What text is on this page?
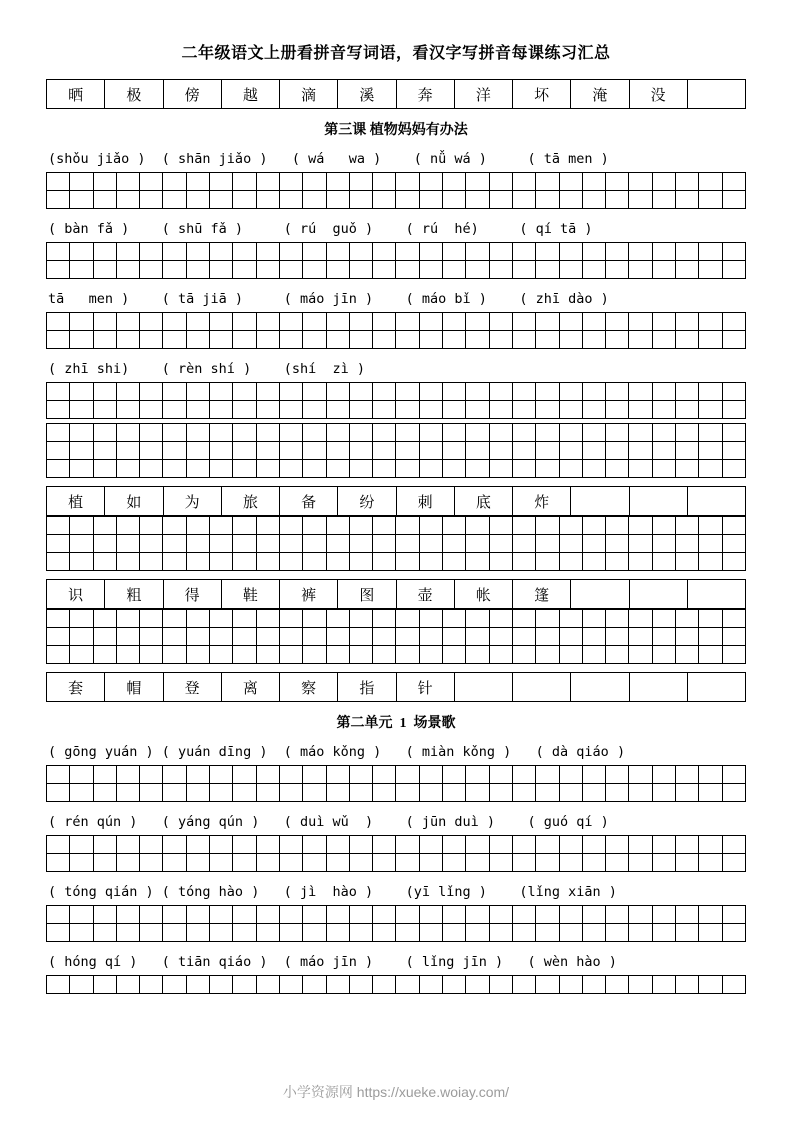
二年级语文上册看拼音写词语，看汉字写拼音每课练习汇总
晒	极	傍	越	滴	溪	奔	洋	坏	淹	没
第三课 植物妈妈有办法
(shǒu jiǎo )  ( shān jiǎo )   ( wá   wa )    ( nǚ wá )     ( tā men )
( bàn fǎ )    ( shū fǎ )     ( rú  guǒ )    ( rú  hé)     ( qí tā )
tā   men )    ( tā jiā )     ( máo jīn )    ( máo bǐ )    ( zhī dào )
( zhī shi)    ( rèn shí )    (shí  zì )
植	如	为	旅	备	纷	刺	底	炸
识	粗	得	鞋	裤	图	壶	帐	篷
套	帽	登	离	察	指	针
第二单元  1  场景歌
( gōng yuán ) ( yuán dīng )  ( máo kǒng )   ( miàn kǒng )   ( dà qiáo )
( rén qún )   ( yáng qún )   ( duì wǔ  )    ( jūn duì )    ( guó qí )
( tóng qián ) ( tóng hào )   ( jì  hào )    (yī lǐng )    (lǐng xiān )
( hóng qí )   ( tiān qiáo )  ( máo jīn )    ( lǐng jīn )   ( wèn hào )
小学资源网 https://xueke.woiay.com/
